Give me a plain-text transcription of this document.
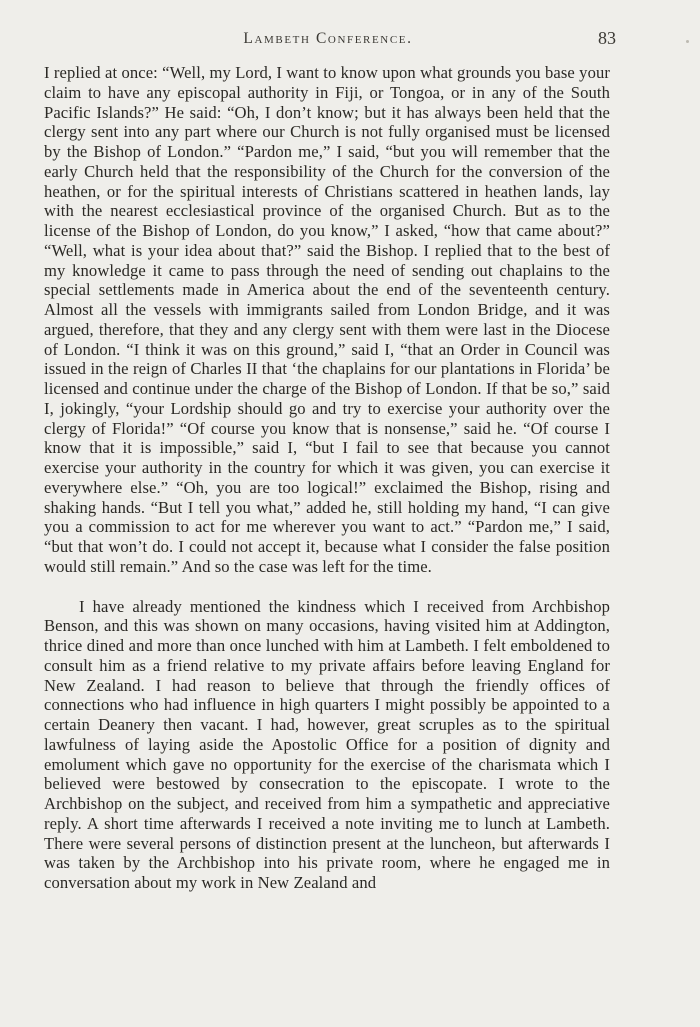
Lambeth Conference.	83

I replied at once: “Well, my Lord, I want to know upon what grounds you base your claim to have any episcopal authority in Fiji, or Tongoa, or in any of the South Pacific Islands?” He said: “Oh, I don’t know; but it has always been held that the clergy sent into any part where our Church is not fully organised must be licensed by the Bishop of London.” “Pardon me,” I said, “but you will remember that the early Church held that the responsibility of the Church for the conversion of the heathen, or for the spiritual interests of Christians scattered in heathen lands, lay with the nearest ecclesiastical province of the organised Church. But as to the license of the Bishop of London, do you know,” I asked, “how that came about?” “Well, what is your idea about that?” said the Bishop. I replied that to the best of my knowledge it came to pass through the need of sending out chaplains to the special settlements made in America about the end of the seventeenth century. Almost all the vessels with immigrants sailed from London Bridge, and it was argued, therefore, that they and any clergy sent with them were last in the Diocese of London. “I think it was on this ground,” said I, “that an Order in Council was issued in the reign of Charles II that ‘the chaplains for our plantations in Florida’ be licensed and continue under the charge of the Bishop of London. If that be so,” said I, jokingly, “your Lordship should go and try to exercise your authority over the clergy of Florida!” “Of course you know that is nonsense,” said he. “Of course I know that it is impossible,” said I, “but I fail to see that because you cannot exercise your authority in the country for which it was given, you can exercise it everywhere else.” “Oh, you are too logical!” exclaimed the Bishop, rising and shaking hands. “But I tell you what,” added he, still holding my hand, “I can give you a commission to act for me wherever you want to act.” “Pardon me,” I said, “but that won’t do. I could not accept it, because what I consider the false position would still remain.” And so the case was left for the time.

I have already mentioned the kindness which I received from Archbishop Benson, and this was shown on many occasions, having visited him at Addington, thrice dined and more than once lunched with him at Lambeth. I felt emboldened to consult him as a friend relative to my private affairs before leaving England for New Zealand. I had reason to believe that through the friendly offices of connections who had influence in high quarters I might possibly be appointed to a certain Deanery then vacant. I had, however, great scruples as to the spiritual lawfulness of laying aside the Apostolic Office for a position of dignity and emolument which gave no opportunity for the exercise of the charismata which I believed were bestowed by consecration to the episcopate. I wrote to the Archbishop on the subject, and received from him a sympathetic and appreciative reply. A short time afterwards I received a note inviting me to lunch at Lambeth. There were several persons of distinction present at the luncheon, but afterwards I was taken by the Archbishop into his private room, where he engaged me in conversation about my work in New Zealand and
